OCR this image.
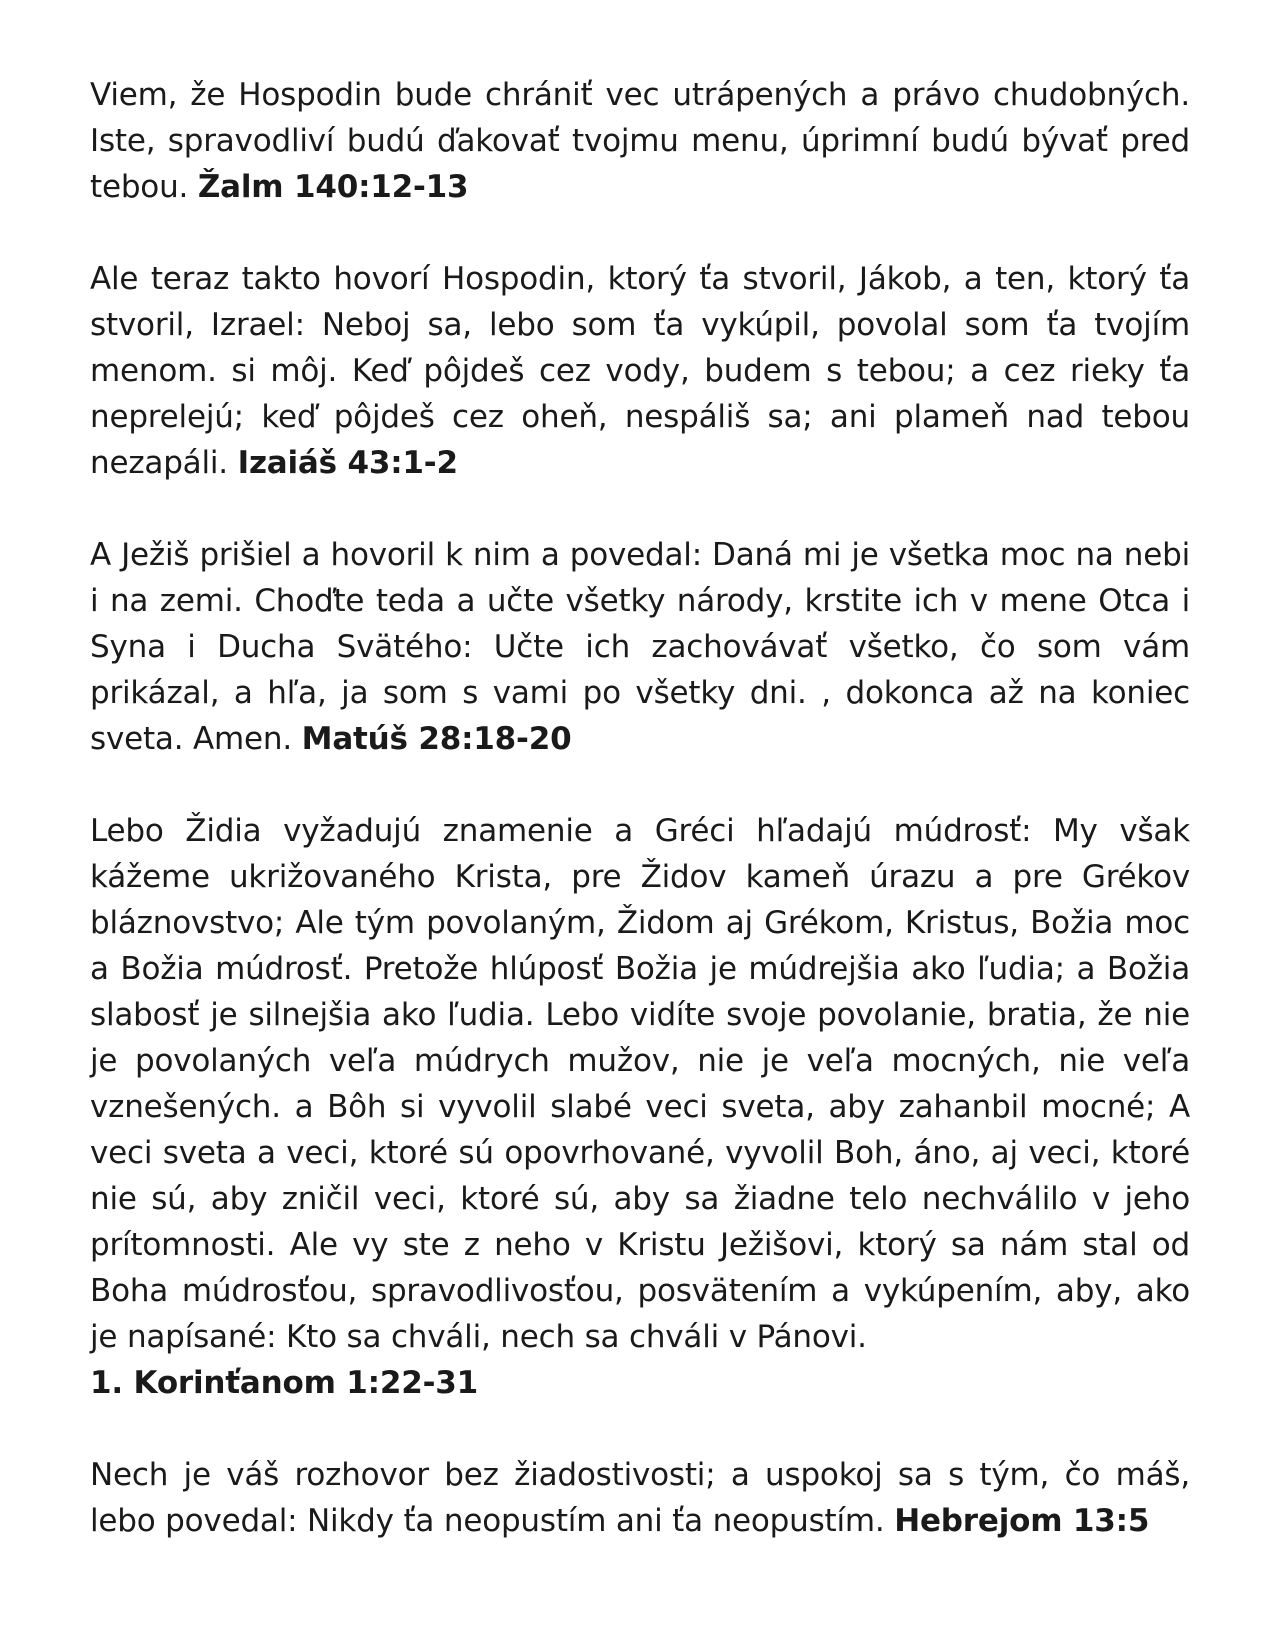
Viem, že Hospodin bude chrániť vec utrápených a právo chudobných. Iste, spravodliví budú ďakovať tvojmu menu, úprimní budú bývať pred tebou. Žalm 140:12-13

Ale teraz takto hovorí Hospodin, ktorý ťa stvoril, Jákob, a ten, ktorý ťa stvoril, Izrael: Neboj sa, lebo som ťa vykúpil, povolal som ťa tvojím menom. si môj. Keď pôjdeš cez vody, budem s tebou; a cez rieky ťa neprelejú; keď pôjdeš cez oheň, nespáliš sa; ani plameň nad tebou nezapáli. Izaiáš 43:1-2

A Ježiš prišiel a hovoril k nim a povedal: Daná mi je všetka moc na nebi i na zemi. Choďte teda a učte všetky národy, krstite ich v mene Otca i Syna i Ducha Svätého: Učte ich zachovávať všetko, čo som vám prikázal, a hľa, ja som s vami po všetky dni. , dokonca až na koniec sveta. Amen. Matúš 28:18-20

Lebo Židia vyžadujú znamenie a Gréci hľadajú múdrosť: My však kážeme ukrižovaného Krista, pre Židov kameň úrazu a pre Grékov bláznovstvo; Ale tým povolaným, Židom aj Grékom, Kristus, Božia moc a Božia múdrosť. Pretože hlúposť Božia je múdrejšia ako ľudia; a Božia slabosť je silnejšia ako ľudia. Lebo vidíte svoje povolanie, bratia, že nie je povolaných veľa múdrych mužov, nie je veľa mocných, nie veľa vznešených. a Bôh si vyvolil slabé veci sveta, aby zahanbil mocné; A veci sveta a veci, ktoré sú opovrhované, vyvolil Boh, áno, aj veci, ktoré nie sú, aby zničil veci, ktoré sú, aby sa žiadne telo nechválilo v jeho prítomnosti. Ale vy ste z neho v Kristu Ježišovi, ktorý sa nám stal od Boha múdrosťou, spravodlivosťou, posvätením a vykúpením, aby, ako je napísané: Kto sa chváli, nech sa chváli v Pánovi.
1. Korinťanom 1:22-31

Nech je váš rozhovor bez žiadostivosti; a uspokoj sa s tým, čo máš, lebo povedal: Nikdy ťa neopustím ani ťa neopustím. Hebrejom 13:5
